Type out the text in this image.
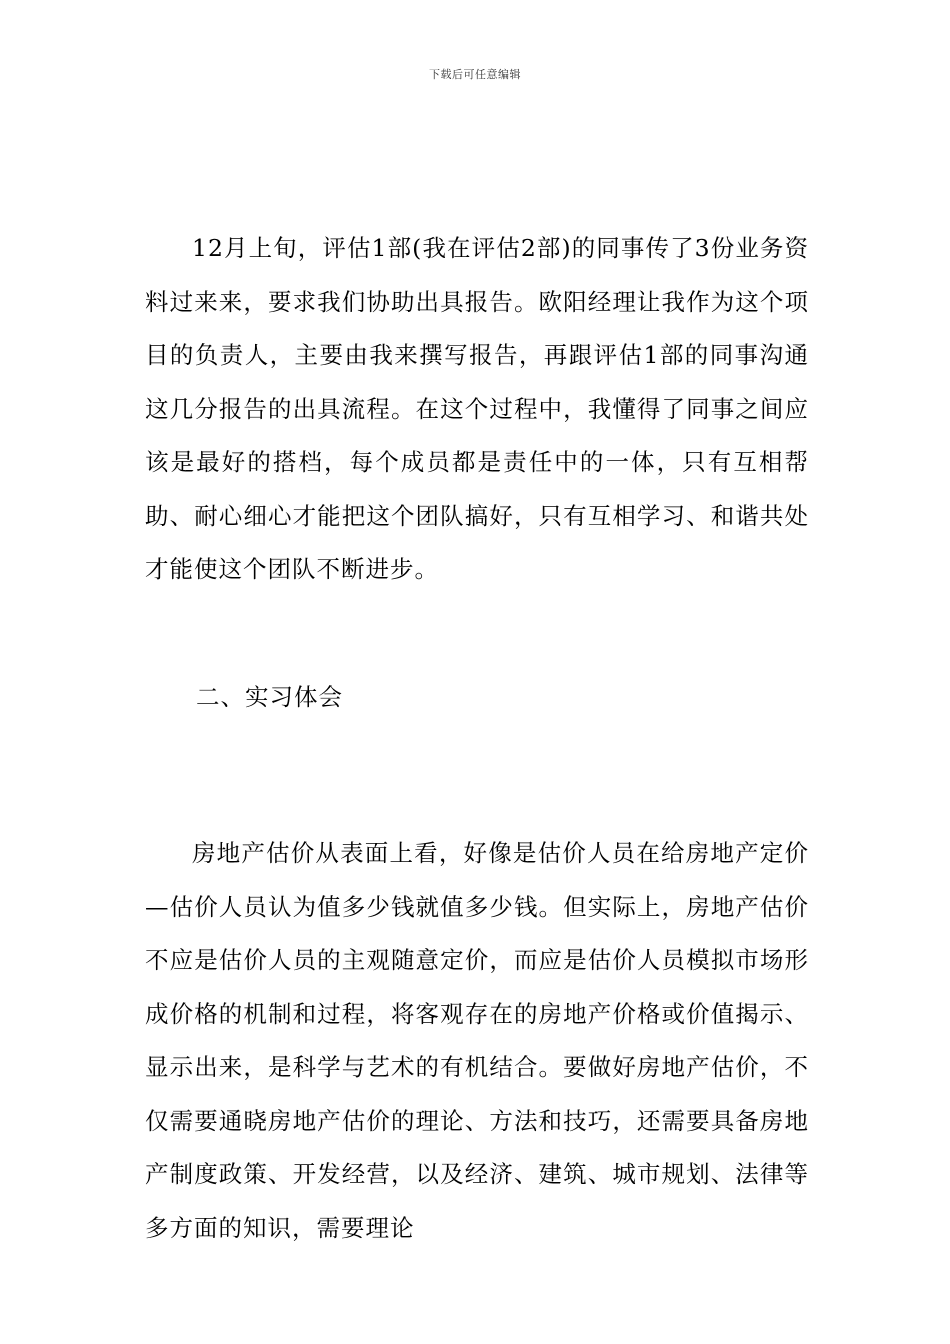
下载后可任意编辑

12月上旬，评估1部(我在评估2部)的同事传了3份业务资料过来来，要求我们协助出具报告。欧阳经理让我作为这个项目的负责人，主要由我来撰写报告，再跟评估1部的同事沟通这几分报告的出具流程。在这个过程中，我懂得了同事之间应该是最好的搭档，每个成员都是责任中的一体，只有互相帮助、耐心细心才能把这个团队搞好，只有互相学习、和谐共处才能使这个团队不断进步。

二、实习体会

房地产估价从表面上看，好像是估价人员在给房地产定价—估价人员认为值多少钱就值多少钱。但实际上，房地产估价不应是估价人员的主观随意定价，而应是估价人员模拟市场形成价格的机制和过程，将客观存在的房地产价格或价值揭示、显示出来，是科学与艺术的有机结合。要做好房地产估价，不仅需要通晓房地产估价的理论、方法和技巧，还需要具备房地产制度政策、开发经营，以及经济、建筑、城市规划、法律等多方面的知识，需要理论
